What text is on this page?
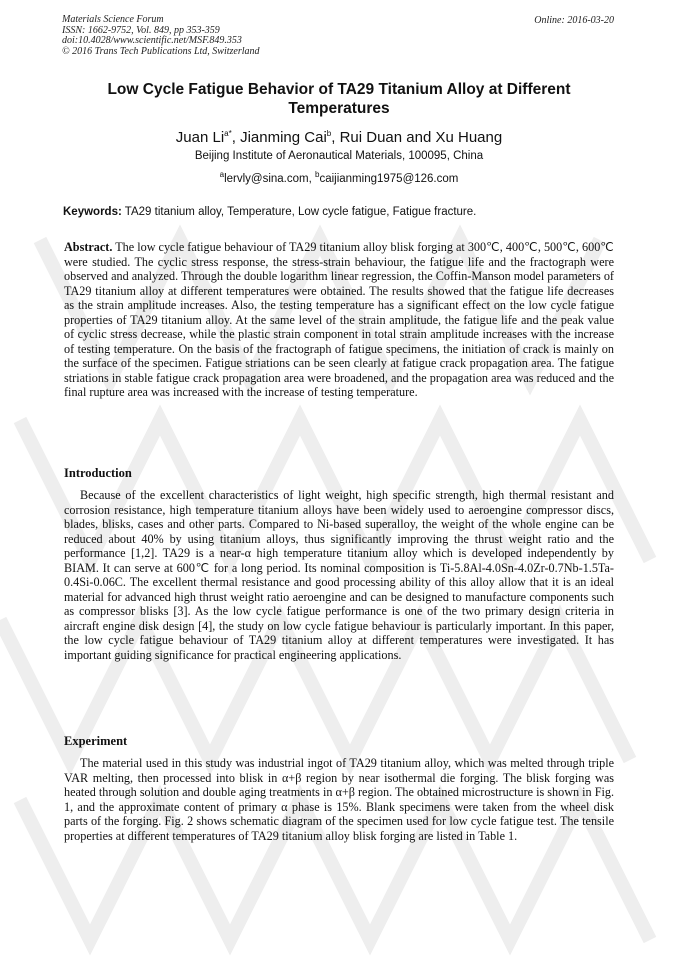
Materials Science Forum
ISSN: 1662-9752, Vol. 849, pp 353-359
doi:10.4028/www.scientific.net/MSF.849.353
© 2016 Trans Tech Publications Ltd, Switzerland
Online: 2016-03-20
Low Cycle Fatigue Behavior of TA29 Titanium Alloy at Different Temperatures
Juan $Li^{a*}$, Jianming Cai$^b$, Rui Duan and Xu Huang
Beijing Institute of Aeronautical Materials, 100095, China
$^a$lervly@sina.com, $^b$caijianming1975@126.com
Keywords: TA29 titanium alloy, Temperature, Low cycle fatigue, Fatigue fracture.
Abstract. The low cycle fatigue behaviour of TA29 titanium alloy blisk forging at 300℃, 400℃, 500℃, 600℃ were studied. The cyclic stress response, the stress-strain behaviour, the fatigue life and the fractograph were observed and analyzed. Through the double logarithm linear regression, the Coffin-Manson model parameters of TA29 titanium alloy at different temperatures were obtained. The results showed that the fatigue life decreases as the strain amplitude increases. Also, the testing temperature has a significant effect on the low cycle fatigue properties of TA29 titanium alloy. At the same level of the strain amplitude, the fatigue life and the peak value of cyclic stress decrease, while the plastic strain component in total strain amplitude increases with the increase of testing temperature. On the basis of the fractograph of fatigue specimens, the initiation of crack is mainly on the surface of the specimen. Fatigue striations can be seen clearly at fatigue crack propagation area. The fatigue striations in stable fatigue crack propagation area were broadened, and the propagation area was reduced and the final rupture area was increased with the increase of testing temperature.
Introduction
Because of the excellent characteristics of light weight, high specific strength, high thermal resistant and corrosion resistance, high temperature titanium alloys have been widely used to aeroengine compressor discs, blades, blisks, cases and other parts. Compared to Ni-based superalloy, the weight of the whole engine can be reduced about 40% by using titanium alloys, thus significantly improving the thrust weight ratio and the performance [1,2]. TA29 is a near-α high temperature titanium alloy which is developed independently by BIAM. It can serve at 600℃ for a long period. Its nominal composition is Ti-5.8Al-4.0Sn-4.0Zr-0.7Nb-1.5Ta-0.4Si-0.06C. The excellent thermal resistance and good processing ability of this alloy allow that it is an ideal material for advanced high thrust weight ratio aeroengine and can be designed to manufacture components such as compressor blisks [3]. As the low cycle fatigue performance is one of the two primary design criteria in aircraft engine disk design [4], the study on low cycle fatigue behaviour is particularly important. In this paper, the low cycle fatigue behaviour of TA29 titanium alloy at different temperatures were investigated. It has important guiding significance for practical engineering applications.
Experiment
The material used in this study was industrial ingot of TA29 titanium alloy, which was melted through triple VAR melting, then processed into blisk in α+β region by near isothermal die forging. The blisk forging was heated through solution and double aging treatments in α+β region. The obtained microstructure is shown in Fig. 1, and the approximate content of primary α phase is 15%. Blank specimens were taken from the wheel disk parts of the forging. Fig. 2 shows schematic diagram of the specimen used for low cycle fatigue test. The tensile properties at different temperatures of TA29 titanium alloy blisk forging are listed in Table 1.
